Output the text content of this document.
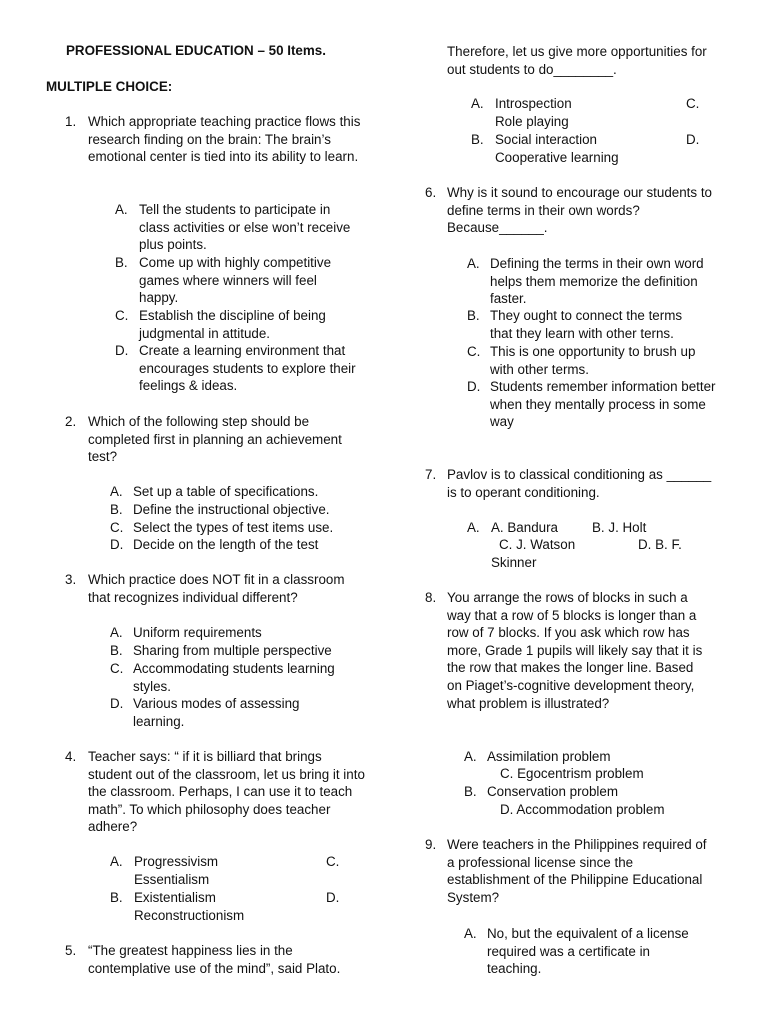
PROFESSIONAL EDUCATION – 50 Items.
MULTIPLE CHOICE:
1. Which appropriate teaching practice flows this research finding on the brain: The brain’s emotional center is tied into its ability to learn.
A. Tell the students to participate in class activities or else won’t receive plus points.
B. Come up with highly competitive games where winners will feel happy.
C. Establish the discipline of being judgmental in attitude.
D. Create a learning environment that encourages students to explore their feelings & ideas.
2. Which of the following step should be completed first in planning an achievement test?
A. Set up a table of specifications.
B. Define the instructional objective.
C. Select the types of test items use.
D. Decide on the length of the test
3. Which practice does NOT fit in a classroom that recognizes individual different?
A. Uniform requirements
B. Sharing from multiple perspective
C. Accommodating students learning styles.
D. Various modes of assessing learning.
4. Teacher says: “ if it is billiard that brings student out of the classroom, let us bring it into the classroom. Perhaps, I can use it to teach math”. To which philosophy does teacher adhere?
A. Progressivism	C.
Essentialism
B. Existentialism	D.
Reconstructionism
5. “The greatest happiness lies in the contemplative use of the mind”, said Plato.
Therefore, let us give more opportunities for out students to do________.
A. Introspection	C.
Role playing
B. Social interaction	D.
Cooperative learning
6. Why is it sound to encourage our students to define terms in their own words? Because______.
A. Defining the terms in their own word helps them memorize the definition faster.
B. They ought to connect the terms that they learn with other terns.
C. This is one opportunity to brush up with other terms.
D. Students remember information better when they mentally process in some way
7. Pavlov is to classical conditioning as ______ is to operant conditioning.
A. A. Bandura	B. J. Holt
C. J. Watson	D. B. F.
Skinner
8. You arrange the rows of blocks in such a way that a row of 5 blocks is longer than a row of 7 blocks. If you ask which row has more, Grade 1 pupils will likely say that it is the row that makes the longer line. Based on Piaget’s-cognitive development theory, what problem is illustrated?
A. Assimilation problem
C. Egocentrism problem
B. Conservation problem
D. Accommodation problem
9. Were teachers in the Philippines required of a professional license since the establishment of the Philippine Educational System?
A. No, but the equivalent of a license required was a certificate in teaching.
